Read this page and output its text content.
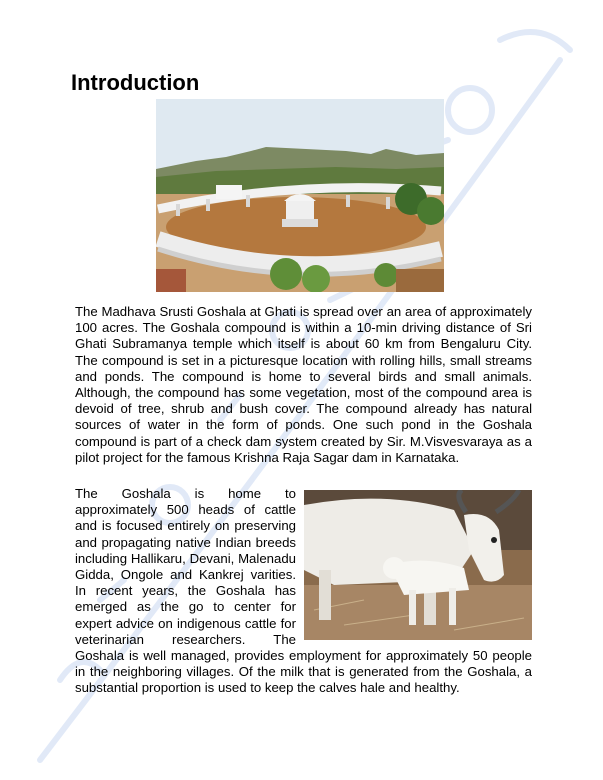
Introduction

The Madhava Srusti Goshala at Ghati is spread over an area of approximately 100 acres. The Goshala compound is within a 10-min driving distance of Sri Ghati Subramanya temple which itself is about 60 km from Bengaluru City. The compound is set in a picturesque location with rolling hills, small streams and ponds. The compound is home to several birds and small animals. Although, the compound has some vegetation, most of the compound area is devoid of tree, shrub and bush cover. The compound already has natural sources of water in the form of ponds. One such pond in the Goshala compound is part of a check dam system created by Sir. M.Visvesvaraya as a pilot project for the famous Krishna Raja Sagar dam in Karnataka.

The Goshala is home to approximately 500 heads of cattle and is focused entirely on preserving and propagating native Indian breeds including Hallikaru, Devani, Malenadu Gidda, Ongole and Kankrej varities. In recent years, the Goshala has emerged as the go to center for expert advice on indigenous cattle for veterinarian researchers. The Goshala is well managed, provides employment for approximately 50 people in the neighboring villages. Of the milk that is generated from the Goshala, a substantial proportion is used to keep the calves hale and healthy.
